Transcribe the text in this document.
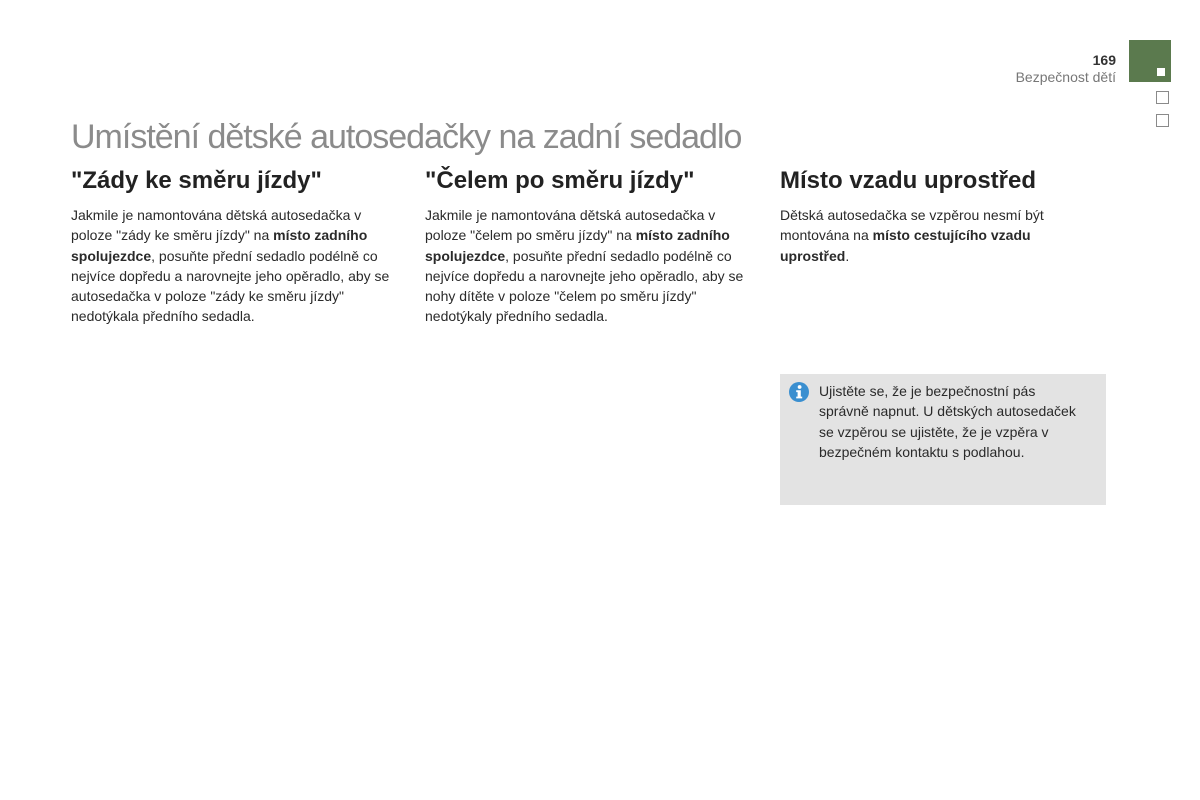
169
Bezpečnost dětí
Umístění dětské autosedačky na zadní sedadlo
"Zády ke směru jízdy"

Jakmile je namontována dětská autosedačka v poloze "zády ke směru jízdy" na místo zadního spolujezdce, posuňte přední sedadlo podélně co nejvíce dopředu a narovnejte jeho opěradlo, aby se autosedačka v poloze "zády ke směru jízdy" nedotýkala předního sedadla.

"Čelem po směru jízdy"

Jakmile je namontována dětská autosedačka v poloze "čelem po směru jízdy" na místo zadního spolujezdce, posuňte přední sedadlo podélně co nejvíce dopředu a narovnejte jeho opěradlo, aby se nohy dítěte v poloze "čelem po směru jízdy" nedotýkaly předního sedadla.

Místo vzadu uprostřed

Dětská autosedačka se vzpěrou nesmí být montována na místo cestujícího vzadu uprostřed.

Ujistěte se, že je bezpečnostní pás správně napnut. U dětských autosedaček se vzpěrou se ujistěte, že je vzpěra v bezpečném kontaktu s podlahou.
